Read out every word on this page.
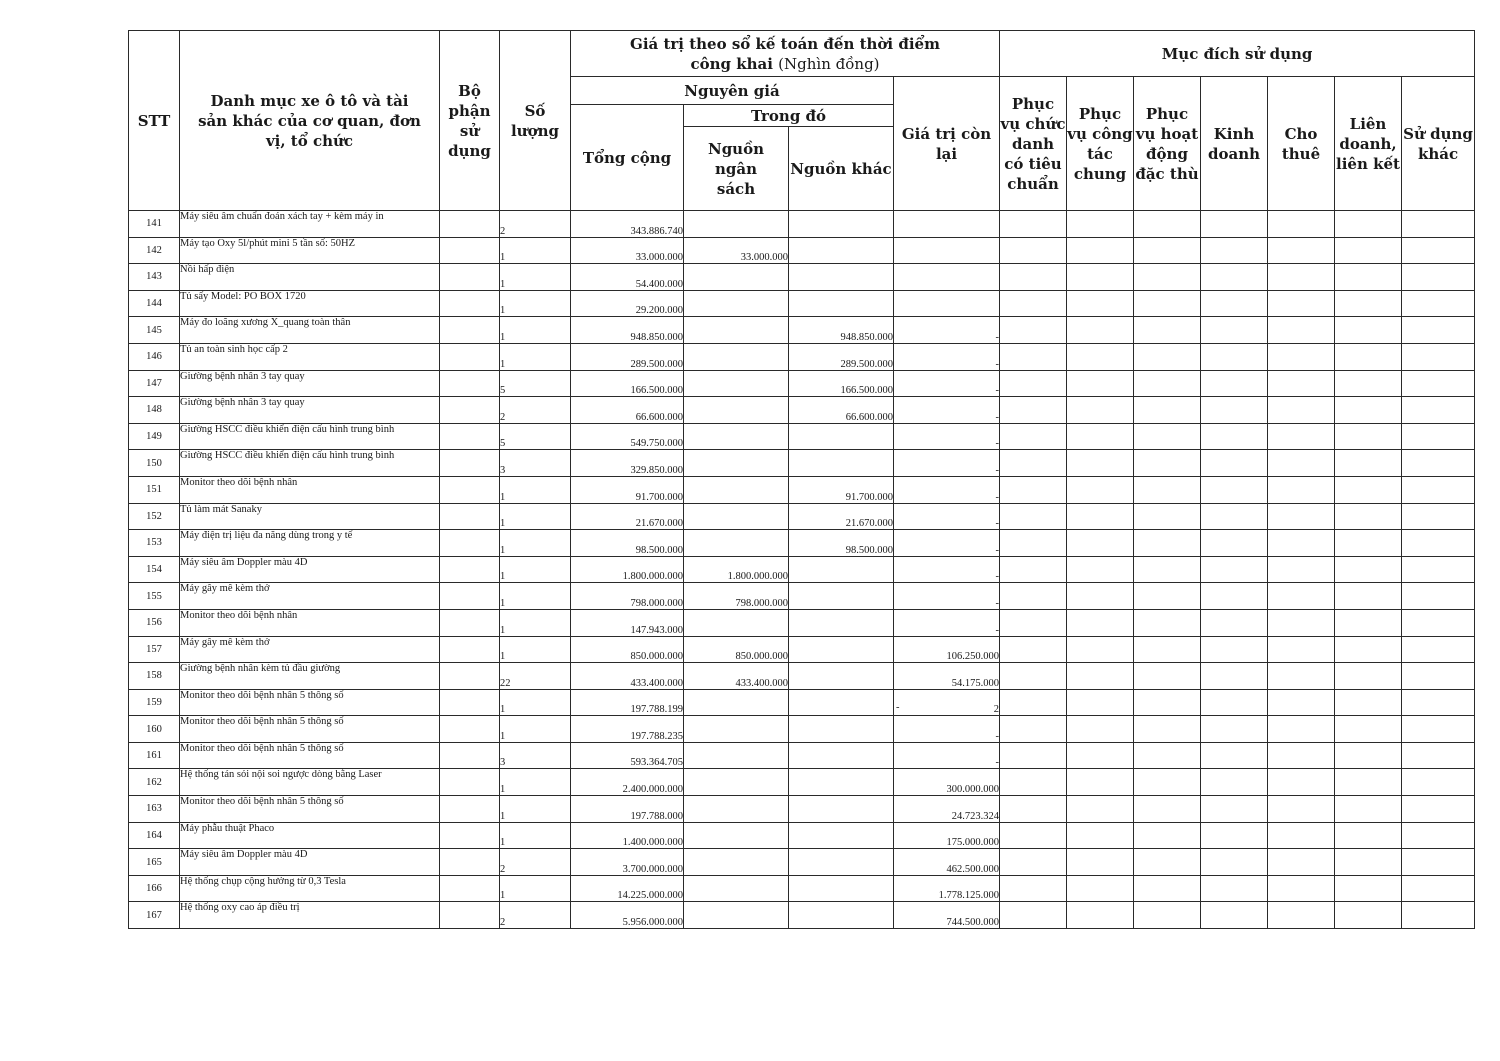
STT	Danh mục xe ô tô và tài sản khác của cơ quan, đơn vị, tổ chức	Bộ phận sử dụng	Số lượng	Giá trị theo sổ kế toán đến thời điểm công khai (Nghìn đồng)				Mục đích sử dụng						
				Nguyên giá			Giá trị còn lại	Phục vụ chức danh có tiêu chuẩn	Phục vụ công tác chung	Phục vụ hoạt động đặc thù	Kinh doanh	Cho thuê	Liên doanh, liên kết	Sử dụng khác
				Tổng cộng	Trong đó									
					Nguồn ngân sách	Nguồn khác								
141	Máy siêu âm chuẩn đoán xách tay + kèm máy in		2	343.886.740										
142	Máy tạo Oxy 5l/phút mini 5 tần số: 50HZ		1	33.000.000	33.000.000									
143	Nồi hấp điện		1	54.400.000										
144	Tủ sấy Model: PO BOX 1720		1	29.200.000										
145	Máy đo loãng xương X_quang toàn thân		1	948.850.000		948.850.000	-							
146	Tủ an toàn sinh học cấp 2		1	289.500.000		289.500.000	-							
147	Giường bệnh nhân 3 tay quay		5	166.500.000		166.500.000	-							
148	Giường bệnh nhân 3 tay quay		2	66.600.000		66.600.000	-							
149	Giường HSCC điều khiển điện cấu hình trung bình		5	549.750.000			-							
150	Giường HSCC điều khiển điện cấu hình trung bình		3	329.850.000			-							
151	Monitor theo dõi bệnh nhân		1	91.700.000		91.700.000	-							
152	Tủ làm mát Sanaky		1	21.670.000		21.670.000	-							
153	Máy điện trị liệu đa năng dùng trong y tế		1	98.500.000		98.500.000	-							
154	Máy siêu âm Doppler màu 4D		1	1.800.000.000	1.800.000.000		-							
155	Máy gây mê kèm thở		1	798.000.000	798.000.000		-							
156	Monitor theo dõi bệnh nhân		1	147.943.000			-							
157	Máy gây mê kèm thở		1	850.000.000	850.000.000		106.250.000							
158	Giường bệnh nhân kèm tủ đầu giường		22	433.400.000	433.400.000		54.175.000							
159	Monitor theo dõi bệnh nhân 5 thông số		1	197.788.199			- 2							
160	Monitor theo dõi bệnh nhân 5 thông số		1	197.788.235			-							
161	Monitor theo dõi bệnh nhân 5 thông số		3	593.364.705			-							
162	Hệ thống tán sỏi nội soi ngược dòng bằng Laser		1	2.400.000.000			300.000.000							
163	Monitor theo dõi bệnh nhân 5 thông số		1	197.788.000			24.723.324							
164	Máy phẫu thuật Phaco		1	1.400.000.000			175.000.000							
165	Máy siêu âm Doppler màu 4D		2	3.700.000.000			462.500.000							
166	Hệ thống chụp cộng hưởng từ 0,3 Tesla		1	14.225.000.000			1.778.125.000							
167	Hệ thống oxy cao áp điều trị		2	5.956.000.000			744.500.000							
